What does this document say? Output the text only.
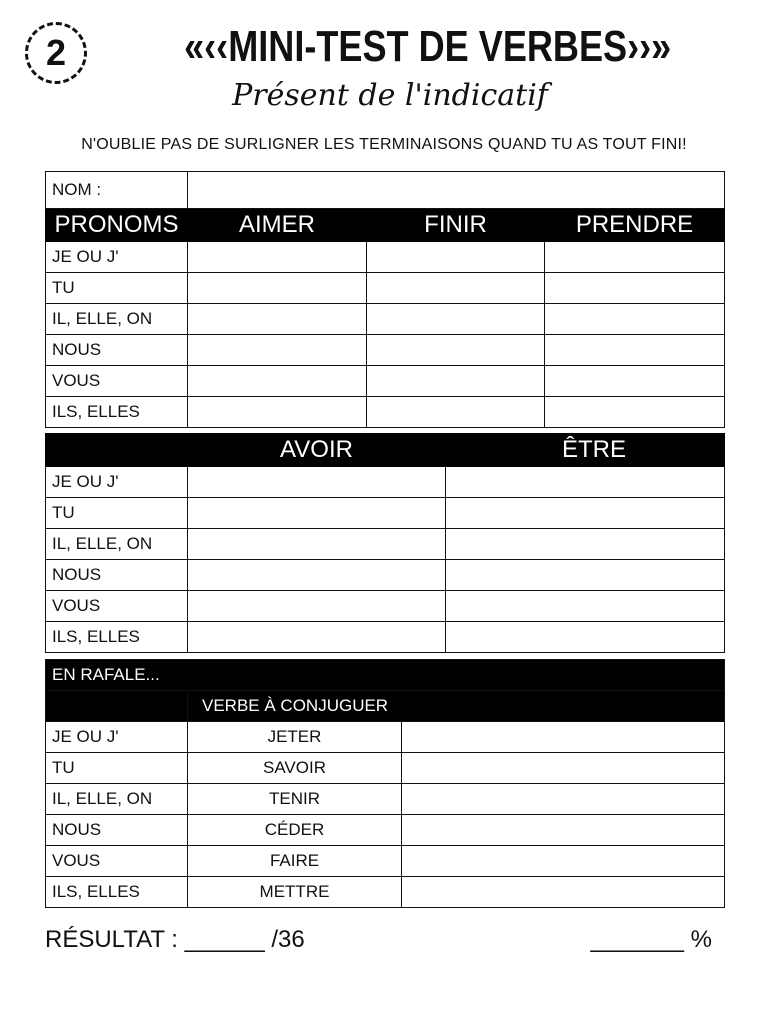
2	«‹‹MINI-TEST DE VERBES››»
Présent de l'indicatif
N'OUBLIE PAS DE SURLIGNER LES TERMINAISONS QUAND TU AS TOUT FINI!
NOM :			
PRONOMS	AIMER	FINIR	PRENDRE
JE OU J'			
TU			
IL, ELLE, ON			
NOUS			
VOUS			
ILS, ELLES			
	AVOIR	ÊTRE
JE OU J'		
TU		
IL, ELLE, ON		
NOUS		
VOUS		
ILS, ELLES		
EN RAFALE...		
	VERBE À CONJUGUER	
JE OU J'	JETER	
TU	SAVOIR	
IL, ELLE, ON	TENIR	
NOUS	CÉDER	
VOUS	FAIRE	
ILS, ELLES	METTRE	
RÉSULTAT : ______ /36	_______ %
